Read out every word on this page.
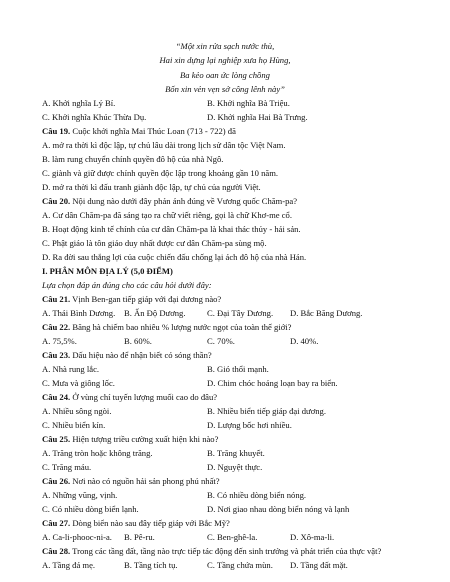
“Một xin rửa sạch nước thù,
Hai xin dựng lại nghiệp xưa họ Hùng,
Ba kẻo oan ức lòng chồng
Bốn xin vẻn vẹn sở công lênh này”
A. Khởi nghĩa Lý Bí.	B. Khởi nghĩa Bà Triệu.
C. Khởi nghĩa Khúc Thừa Dụ.	D. Khởi nghĩa Hai Bà Trưng.
Câu 19. Cuộc khởi nghĩa Mai Thúc Loan (713 - 722) đã
A. mở ra thời kì độc lập, tự chủ lâu dài trong lịch sử dân tộc Việt Nam.
B. làm rung chuyển chính quyền đô hộ của nhà Ngô.
C. giành và giữ được chính quyền độc lập trong khoảng gần 10 năm.
D. mở ra thời kì đấu tranh giành độc lập, tự chủ của người Việt.
Câu 20. Nội dung nào dưới đây phản ánh đúng về Vương quốc Chăm-pa?
A. Cư dân Chăm-pa đã sáng tạo ra chữ viết riêng, gọi là chữ Khơ-me cổ.
B. Hoạt động kinh tế chính của cư dân Chăm-pa là khai thác thủy - hải sản.
C. Phật giáo là tôn giáo duy nhất được cư dân Chăm-pa sùng mộ.
D. Ra đời sau thắng lợi của cuộc chiến đấu chống lại ách đô hộ của nhà Hán.
I. PHÂN MÔN ĐỊA LÝ (5,0 ĐIỂM)
Lựa chọn đáp án đúng cho các câu hỏi dưới đây:
Câu 21. Vịnh Ben-gan tiếp giáp với đại dương nào?
A. Thái Bình Dương. B. Ấn Độ Dương.	C. Đại Tây Dương. D. Bắc Băng Dương.
Câu 22. Băng hà chiếm bao nhiêu % lượng nước ngọt của toàn thế giới?
A. 75,5%.	B. 60%.	C. 70%.	D. 40%.
Câu 23. Dấu hiệu nào để nhận biết có sóng thần?
A. Nhà rung lắc.	B. Gió thổi mạnh.
C. Mưa và giông lốc.	D. Chim chóc hoảng loạn bay ra biển.
Câu 24. Ở vùng chí tuyến lượng muối cao do đâu?
A. Nhiều sông ngòi.	B. Nhiều biển tiếp giáp đại dương.
C. Nhiều biển kín.	D. Lượng bốc hơi nhiều.
Câu 25. Hiện tượng triều cường xuất hiện khi nào?
A. Trăng tròn hoặc không trăng.	B. Trăng khuyết.
C. Trăng máu.	D. Nguyệt thực.
Câu 26. Nơi nào có nguồn hải sản phong phú nhất?
A. Những vũng, vịnh.	B. Có nhiều dòng biển nóng.
C. Có nhiều dòng biển lạnh.	D. Nơi giao nhau dòng biển nóng và lạnh
Câu 27. Dòng biển nào sau đây tiếp giáp với Bắc Mỹ?
A. Ca-li-phooc-ni-a. B. Pê-ru.	C. Ben-ghê-la.	D. Xô-ma-li.
Câu 28. Trong các tầng đất, tầng nào trực tiếp tác động đến sinh trưởng và phát triển của thực vật?
A. Tầng đá mẹ.	B. Tầng tích tụ.	C. Tầng chứa mùn. D. Tầng đất mặt.
